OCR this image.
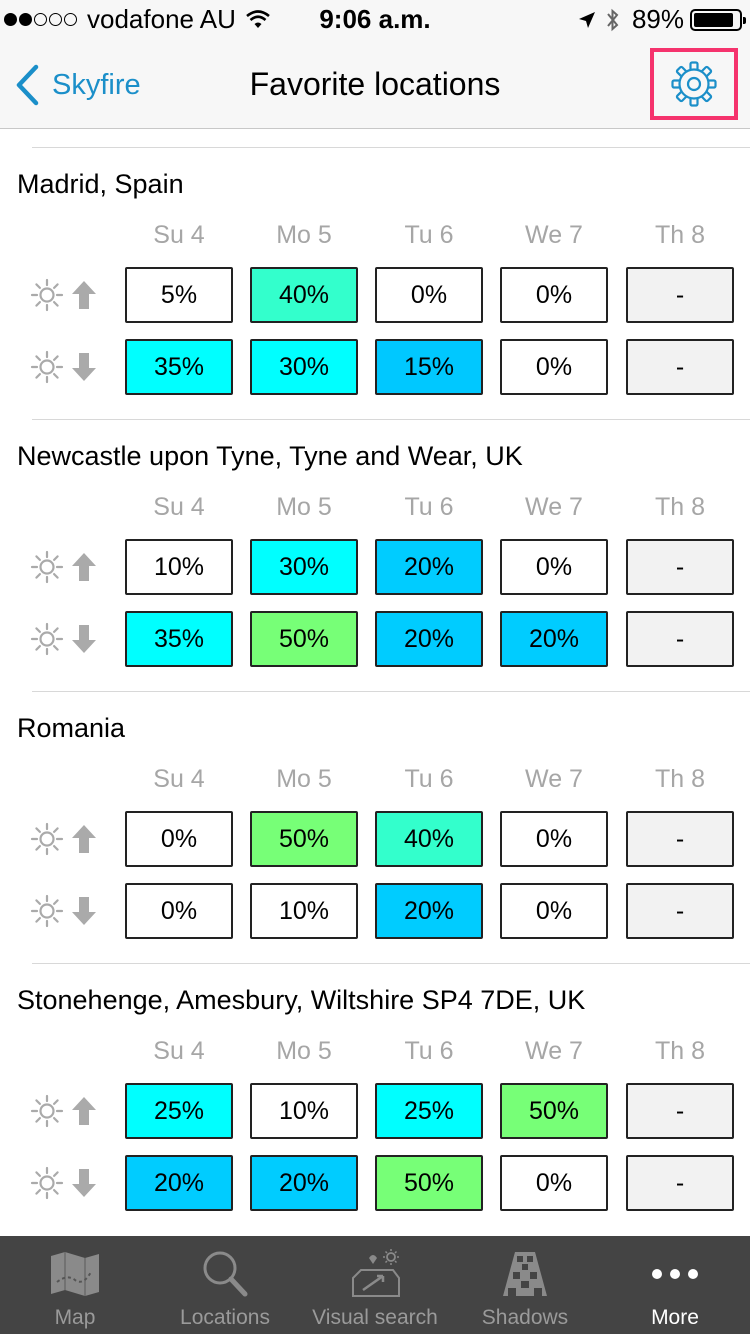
vodafone AU	9:06 a.m.	89%
Skyfire	Favorite locations
Madrid, Spain
Su 4	Mo 5	Tu 6	We 7	Th 8
5%	40%	0%	0%	-
35%	30%	15%	0%	-
Newcastle upon Tyne, Tyne and Wear, UK
Su 4	Mo 5	Tu 6	We 7	Th 8
10%	30%	20%	0%	-
35%	50%	20%	20%	-
Romania
Su 4	Mo 5	Tu 6	We 7	Th 8
0%	50%	40%	0%	-
0%	10%	20%	0%	-
Stonehenge, Amesbury, Wiltshire SP4 7DE, UK
Su 4	Mo 5	Tu 6	We 7	Th 8
25%	10%	25%	50%	-
20%	20%	50%	0%	-
Map	Locations Visual search Shadows	More
